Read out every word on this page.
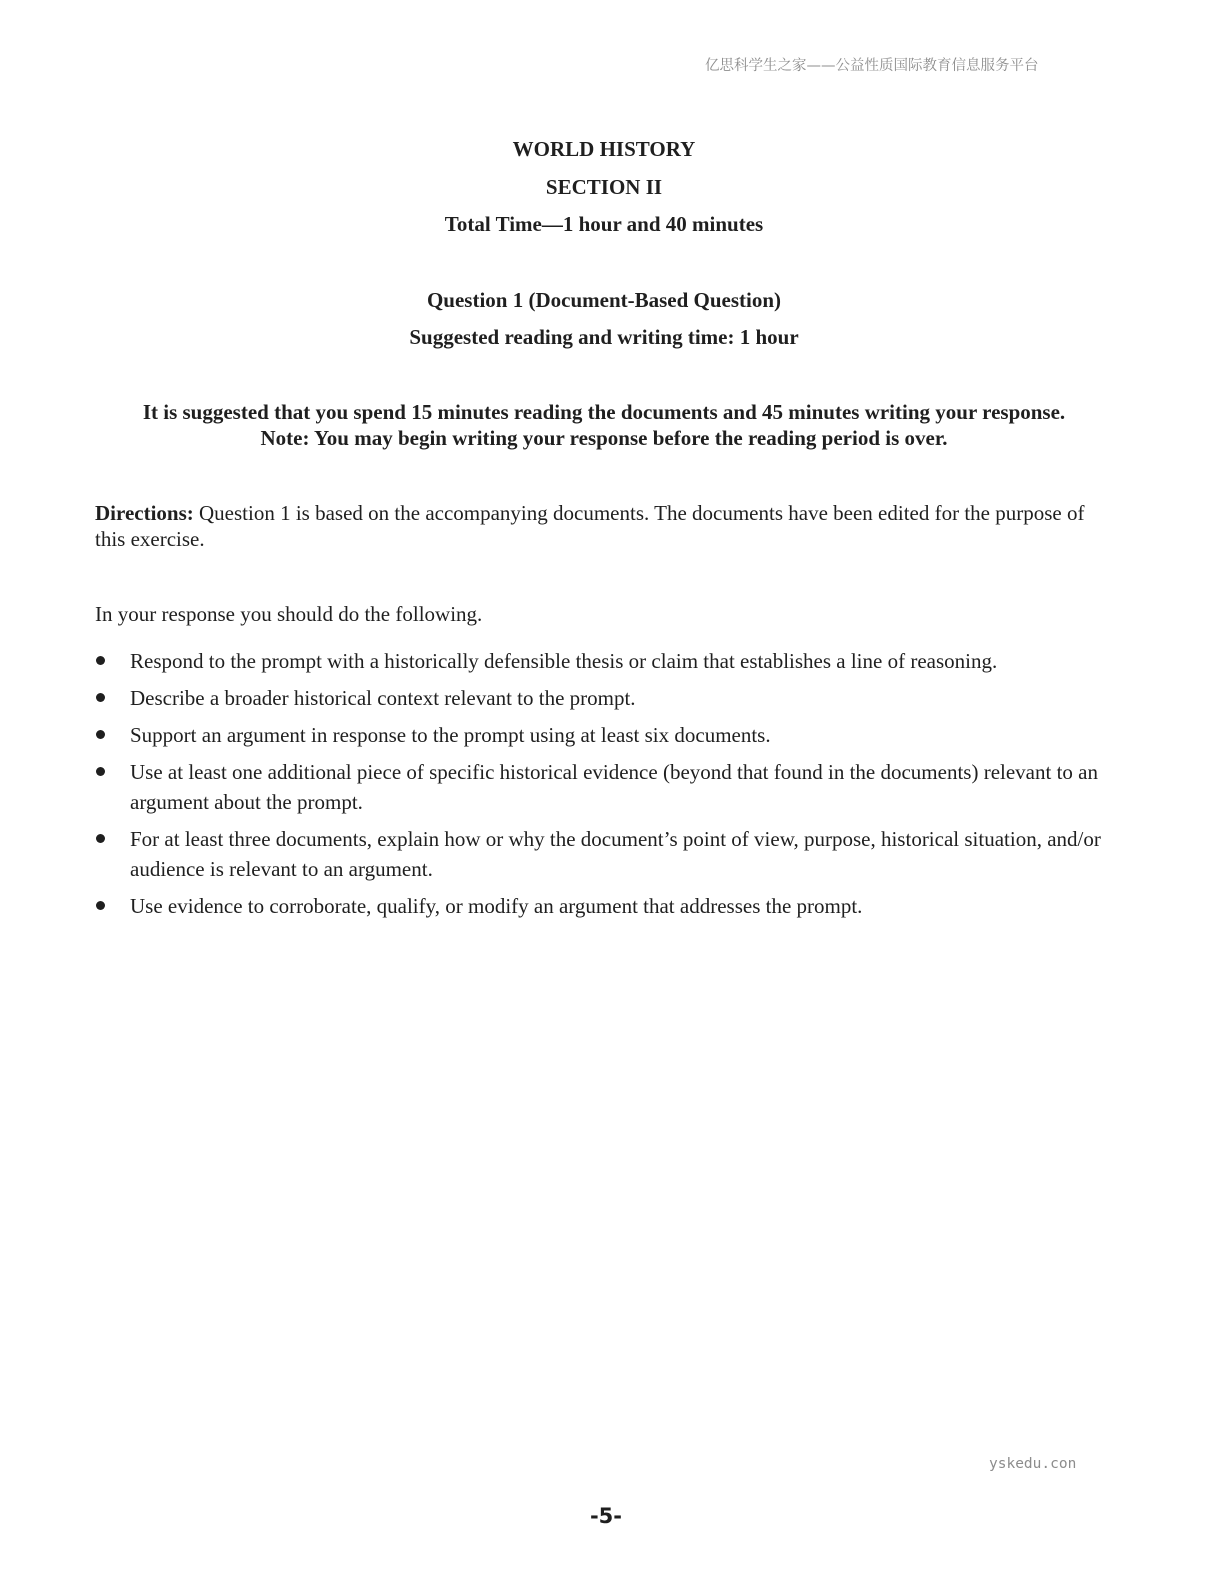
亿思科学生之家——公益性质国际教育信息服务平台
WORLD HISTORY
SECTION II
Total Time—1 hour and 40 minutes
Question 1 (Document-Based Question)
Suggested reading and writing time: 1 hour
It is suggested that you spend 15 minutes reading the documents and 45 minutes writing your response.
Note: You may begin writing your response before the reading period is over.
Directions: Question 1 is based on the accompanying documents. The documents have been edited for the purpose of this exercise.
In your response you should do the following.
Respond to the prompt with a historically defensible thesis or claim that establishes a line of reasoning.
Describe a broader historical context relevant to the prompt.
Support an argument in response to the prompt using at least six documents.
Use at least one additional piece of specific historical evidence (beyond that found in the documents) relevant to an argument about the prompt.
For at least three documents, explain how or why the document’s point of view, purpose, historical situation, and/or audience is relevant to an argument.
Use evidence to corroborate, qualify, or modify an argument that addresses the prompt.
yskedu.con
-5-
